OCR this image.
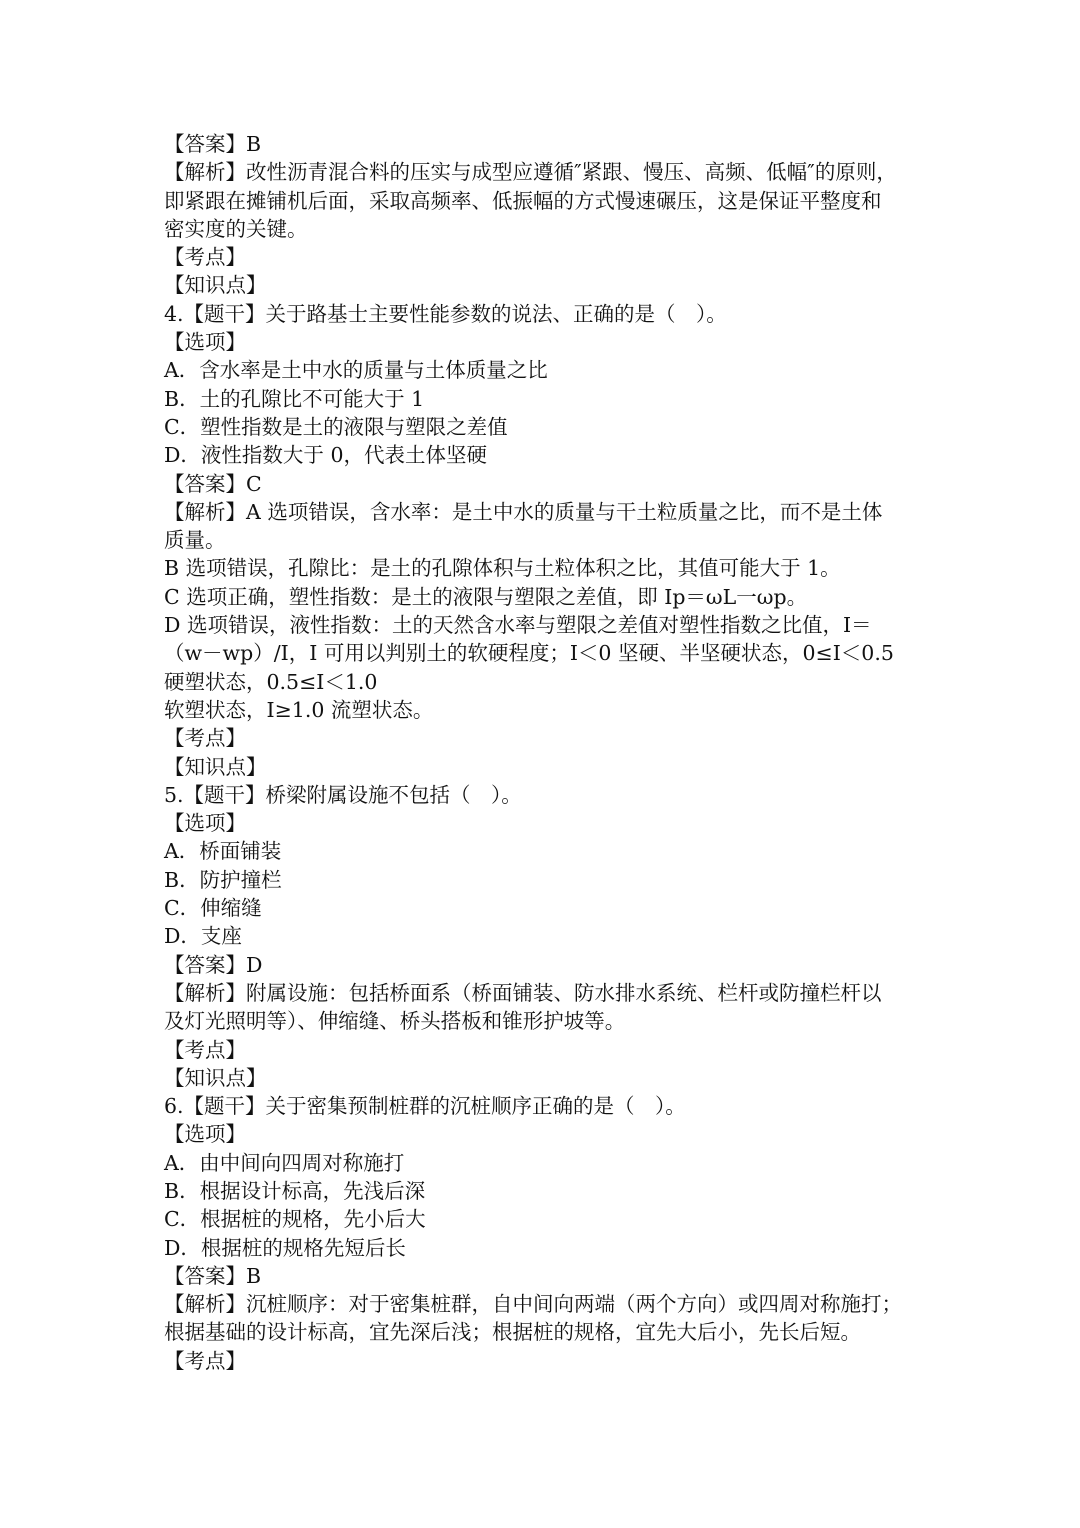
【答案】B
【解析】改性沥青混合料的压实与成型应遵循″紧跟、慢压、高频、低幅″的原则，
即紧跟在摊铺机后面，采取高频率、低振幅的方式慢速碾压，这是保证平整度和
密实度的关键。
【考点】
【知识点】
4.【题干】关于路基士主要性能参数的说法、正确的是（　）。
【选项】
A．含水率是土中水的质量与土体质量之比
B．土的孔隙比不可能大于 1
C．塑性指数是土的液限与塑限之差值
D．液性指数大于 0，代表土体坚硬
【答案】C
【解析】A 选项错误，含水率：是土中水的质量与干土粒质量之比，而不是土体
质量。
B 选项错误，孔隙比：是土的孔隙体积与土粒体积之比，其值可能大于 1。
C 选项正确，塑性指数：是土的液限与塑限之差值，即 Ip＝ωL一ωp。
D 选项错误，液性指数：土的天然含水率与塑限之差值对塑性指数之比值，I＝
（w－wp）/I，I 可用以判别土的软硬程度；I＜0 坚硬、半坚硬状态，0≤I＜0.5
硬塑状态，0.5≤I＜1.0
软塑状态，I≥1.0 流塑状态。
【考点】
【知识点】
5.【题干】桥梁附属设施不包括（　）。
【选项】
A．桥面铺装
B．防护撞栏
C．伸缩缝
D．支座
【答案】D
【解析】附属设施：包括桥面系（桥面铺装、防水排水系统、栏杆或防撞栏杆以
及灯光照明等）、伸缩缝、桥头搭板和锥形护坡等。
【考点】
【知识点】
6.【题干】关于密集预制桩群的沉桩顺序正确的是（　）。
【选项】
A．由中间向四周对称施打
B．根据设计标高，先浅后深
C．根据桩的规格，先小后大
D．根据桩的规格先短后长
【答案】B
【解析】沉桩顺序：对于密集桩群，自中间向两端（两个方向）或四周对称施打；
根据基础的设计标高，宜先深后浅；根据桩的规格，宜先大后小，先长后短。
【考点】
